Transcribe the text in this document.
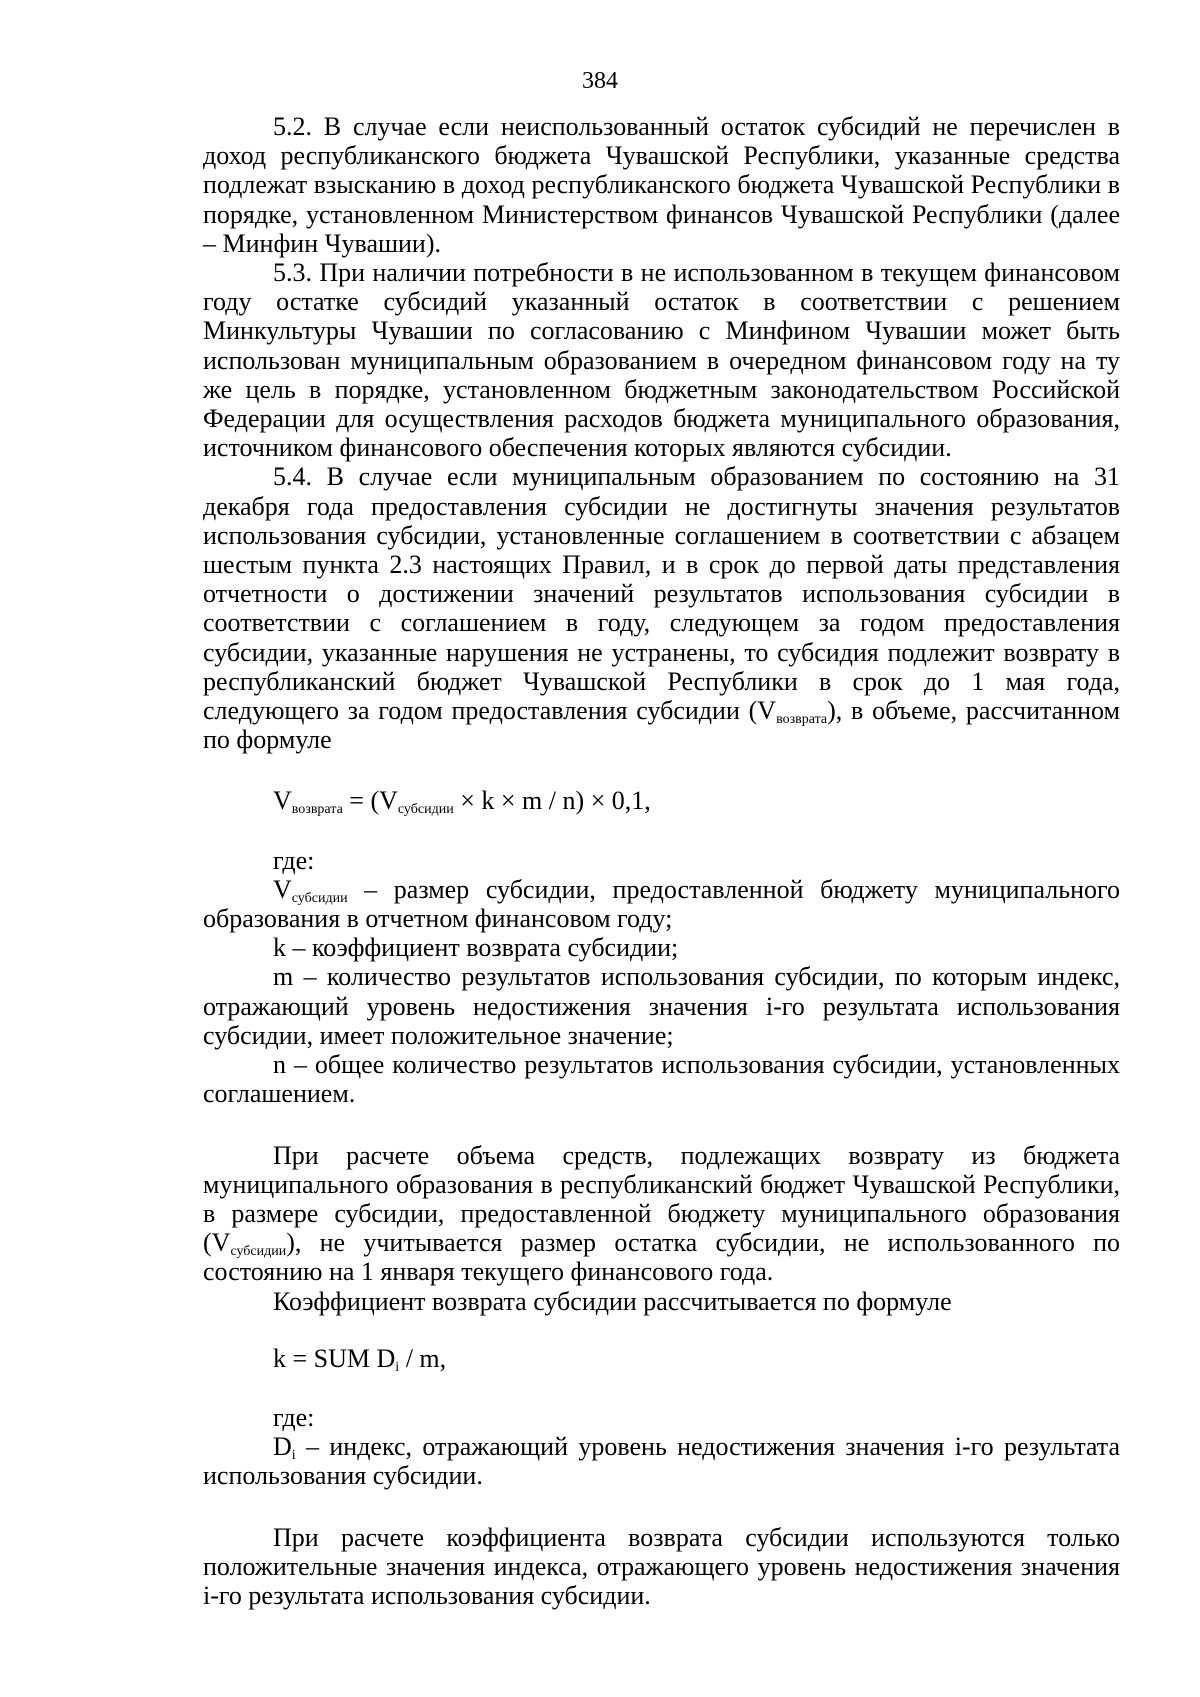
384

5.2. В случае если неиспользованный остаток субсидий не перечислен в доход республиканского бюджета Чувашской Республики, указанные средства подлежат взысканию в доход республиканского бюджета Чувашской Республики в порядке, установленном Министерством финансов Чувашской Республики (далее – Минфин Чувашии).

5.3. При наличии потребности в не использованном в текущем финансовом году остатке субсидий указанный остаток в соответствии с решением Минкультуры Чувашии по согласованию с Минфином Чувашии может быть использован муниципальным образованием в очередном финансовом году на ту же цель в порядке, установленном бюджетным законодательством Российской Федерации для осуществления расходов бюджета муниципального образования, источником финансового обеспечения которых являются субсидии.

5.4. В случае если муниципальным образованием по состоянию на 31 декабря года предоставления субсидии не достигнуты значения результатов использования субсидии, установленные соглашением в соответствии с абзацем шестым пункта 2.3 настоящих Правил, и в срок до первой даты представления отчетности о достижении значений результатов использования субсидии в соответствии с соглашением в году, следующем за годом предоставления субсидии, указанные нарушения не устранены, то субсидия подлежит возврату в республиканский бюджет Чувашской Республики в срок до 1 мая года, следующего за годом предоставления субсидии $(V_{возврата})$, в объеме, рассчитанном по формуле

$V_{возврата} = (V_{субсидии} \times k \times m / n) \times 0,1$,

где:

$V_{субсидии}$ – размер субсидии, предоставленной бюджету муниципального образования в отчетном финансовом году;

k – коэффициент возврата субсидии;

m – количество результатов использования субсидии, по которым индекс, отражающий уровень недостижения значения i-го результата использования субсидии, имеет положительное значение;

n – общее количество результатов использования субсидии, установленных соглашением.

При расчете объема средств, подлежащих возврату из бюджета муниципального образования в республиканский бюджет Чувашской Республики, в размере субсидии, предоставленной бюджету муниципального образования $(V_{субсидии})$, не учитывается размер остатка субсидии, не использованного по состоянию на 1 января текущего финансового года.

Коэффициент возврата субсидии рассчитывается по формуле

k = SUM $D_i$ / m,

где:

$D_i$ – индекс, отражающий уровень недостижения значения i-го результата использования субсидии.

При расчете коэффициента возврата субсидии используются только положительные значения индекса, отражающего уровень недостижения значения i-го результата использования субсидии.
